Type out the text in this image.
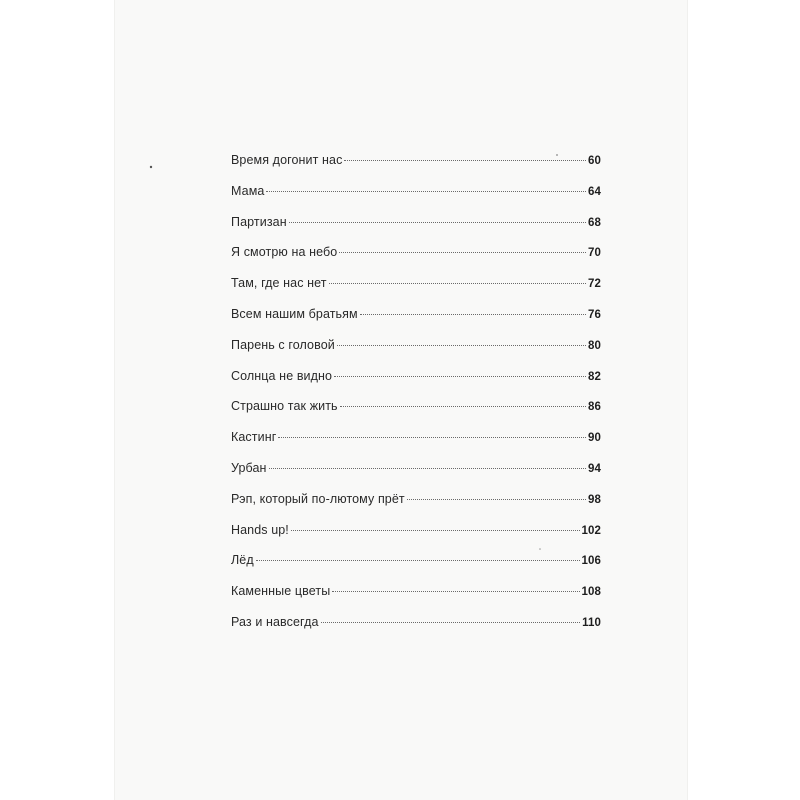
Время догонит нас	60
Мама	64
Партизан	68
Я смотрю на небо	70
Там, где нас нет	72
Всем нашим братьям	76
Парень с головой	80
Солнца не видно	82
Страшно так жить	86
Кастинг	90
Урбан	94
Рэп, который по-лютому прёт	98
Hands up!	102
Лёд	106
Каменные цветы	108
Раз и навсегда	110
